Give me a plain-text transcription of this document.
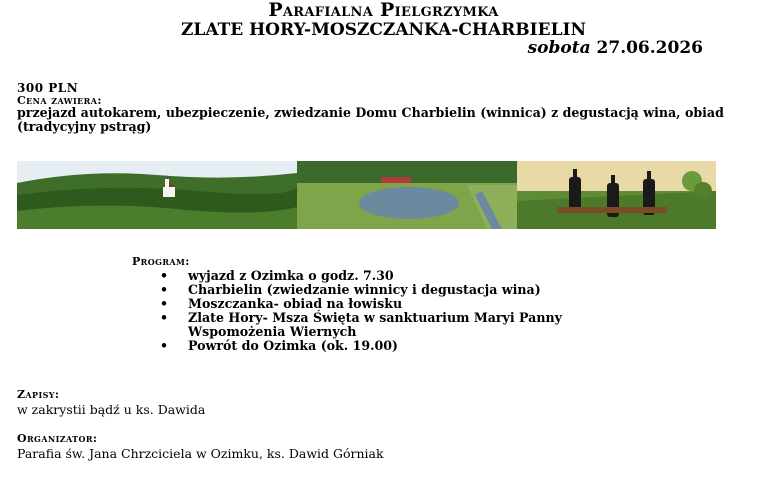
Parafialna Pielgrzymka
ZLATE HORY-MOSZCZANKA-CHARBIELIN
sobota 27.06.2026
300 PLN
Cena zawiera:
przejazd autokarem, ubezpieczenie, zwiedzanie Domu Charbielin (winnica) z degustacją wina, obiad (tradycyjny pstrąg)
Program:
• wyjazd z Ozimka o godz. 7.30
• Charbielin (zwiedzanie winnicy i degustacja wina)
• Moszczanka- obiad na łowisku
• Zlate Hory- Msza Święta w sanktuarium Maryi Panny Wspomożenia Wiernych
• Powrót do Ozimka (ok. 19.00)
Zapisy:
w zakrystii bądź u ks. Dawida
Organizator:
Parafia św. Jana Chrzciciela w Ozimku, ks. Dawid Górniak
